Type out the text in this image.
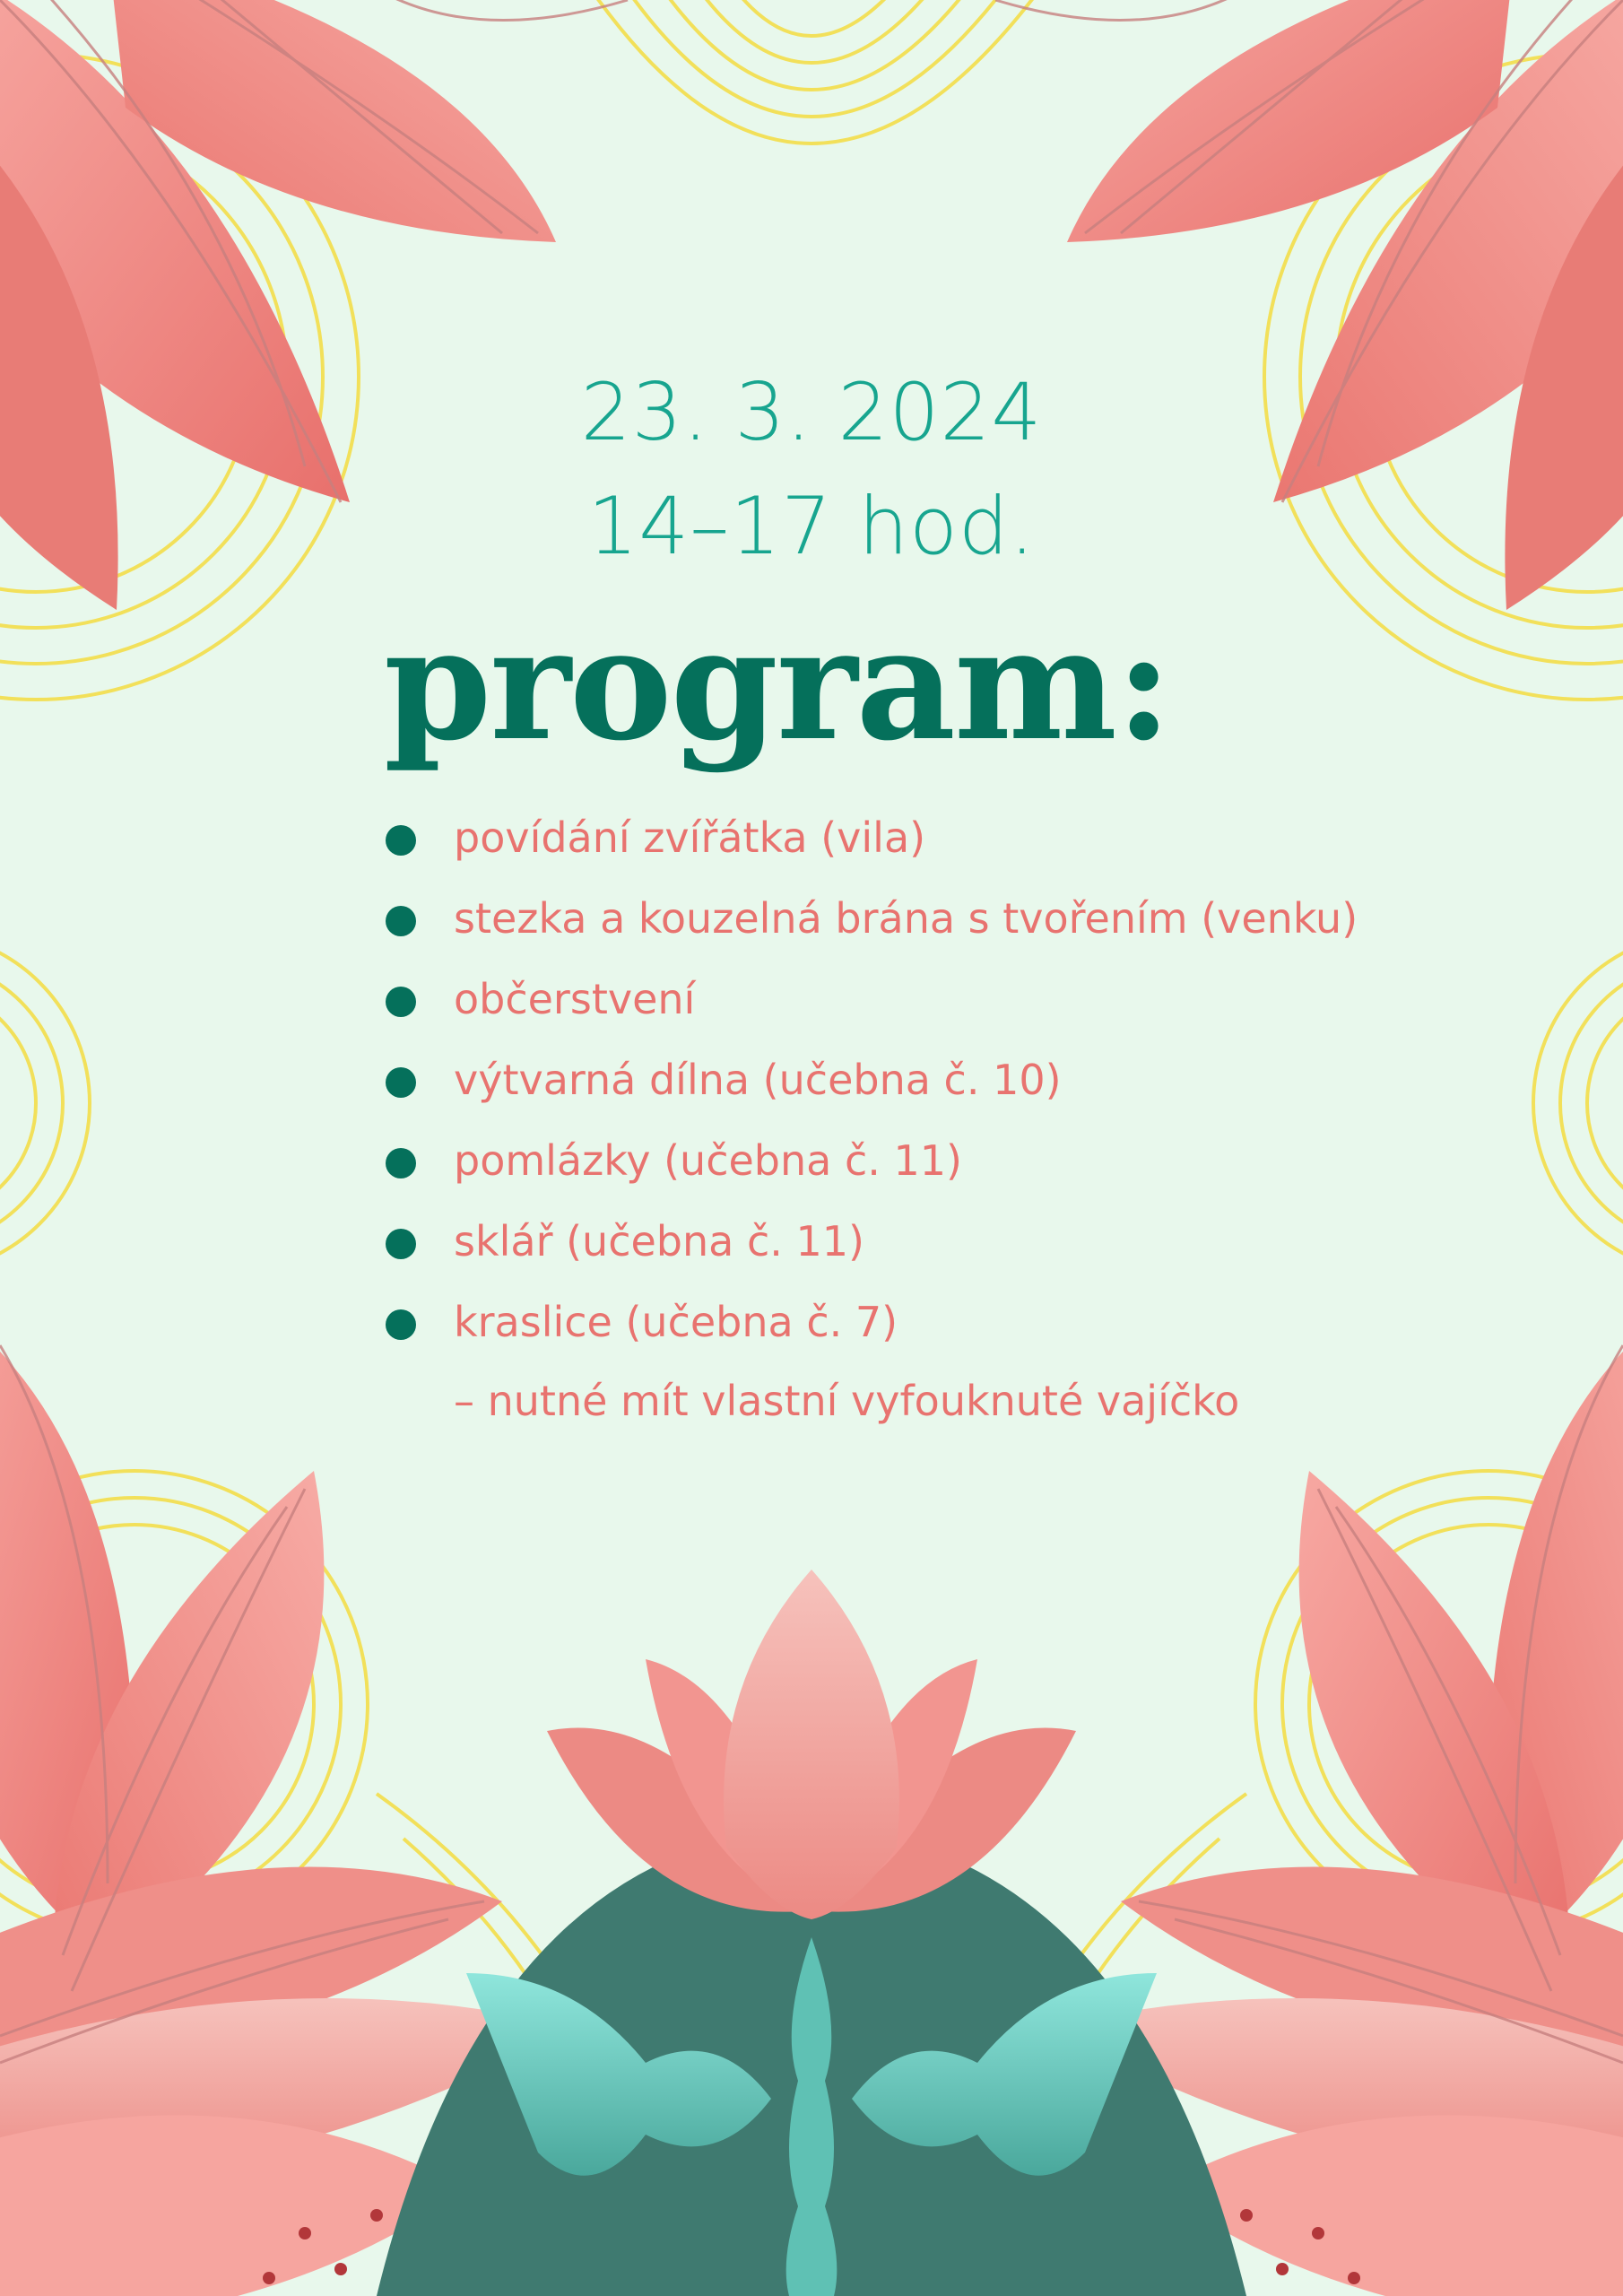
23. 3. 2024
14–17 hod.
program:
povídání zvířátka (vila)
stezka a kouzelná brána s tvořením (venku)
občerstvení
výtvarná dílna (učebna č. 10)
pomlázky (učebna č. 11)
sklář (učebna č. 11)
kraslice (učebna č. 7)
– nutné mít vlastní vyfouknuté vajíčko
